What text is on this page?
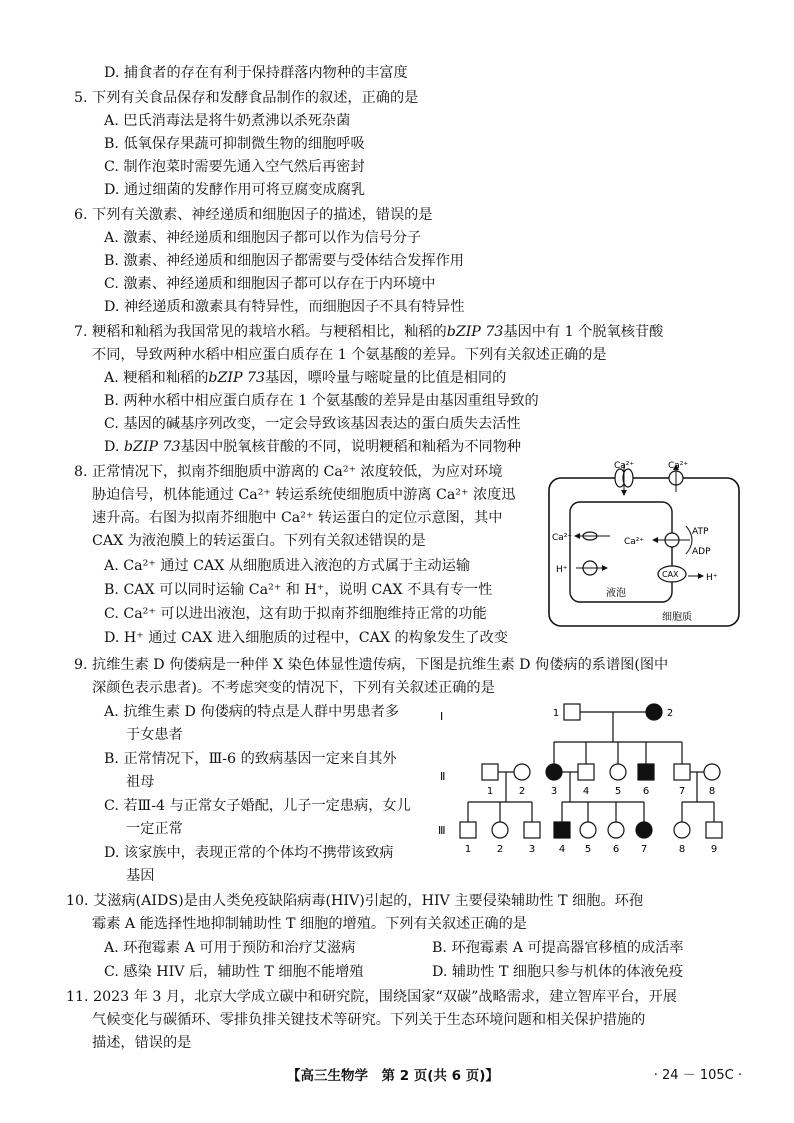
D. 捕食者的存在有利于保持群落内物种的丰富度
5. 下列有关食品保存和发酵食品制作的叙述，正确的是
A. 巴氏消毒法是将牛奶煮沸以杀死杂菌
B. 低氧保存果蔬可抑制微生物的细胞呼吸
C. 制作泡菜时需要先通入空气然后再密封
D. 通过细菌的发酵作用可将豆腐变成腐乳
6. 下列有关激素、神经递质和细胞因子的描述，错误的是
A. 激素、神经递质和细胞因子都可以作为信号分子
B. 激素、神经递质和细胞因子都需要与受体结合发挥作用
C. 激素、神经递质和细胞因子都可以存在于内环境中
D. 神经递质和激素具有特异性，而细胞因子不具有特异性
7. 粳稻和籼稻为我国常见的栽培水稻。与粳稻相比，籼稻的bZIP 73基因中有 1 个脱氧核苷酸
不同，导致两种水稻中相应蛋白质存在 1 个氨基酸的差异。下列有关叙述正确的是
A. 粳稻和籼稻的bZIP 73基因，嘌呤量与嘧啶量的比值是相同的
B. 两种水稻中相应蛋白质存在 1 个氨基酸的差异是由基因重组导致的
C. 基因的碱基序列改变，一定会导致该基因表达的蛋白质失去活性
D. bZIP 73基因中脱氧核苷酸的不同，说明粳稻和籼稻为不同物种
8. 正常情况下，拟南芥细胞质中游离的 Ca²⁺ 浓度较低，为应对环境
胁迫信号，机体能通过 Ca²⁺ 转运系统使细胞质中游离 Ca²⁺ 浓度迅
速升高。右图为拟南芥细胞中 Ca²⁺ 转运蛋白的定位示意图，其中
CAX 为液泡膜上的转运蛋白。下列有关叙述错误的是
A. Ca²⁺ 通过 CAX 从细胞质进入液泡的方式属于主动运输
B. CAX 可以同时运输 Ca²⁺ 和 H⁺，说明 CAX 不具有专一性
C. Ca²⁺ 可以进出液泡，这有助于拟南芥细胞维持正常的功能
D. H⁺ 通过 CAX 进入细胞质的过程中，CAX 的构象发生了改变
9. 抗维生素 D 佝偻病是一种伴 X 染色体显性遗传病，下图是抗维生素 D 佝偻病的系谱图(图中
深颜色表示患者)。不考虑突变的情况下，下列有关叙述正确的是
A. 抗维生素 D 佝偻病的特点是人群中男患者多
于女患者
B. 正常情况下，Ⅲ-6 的致病基因一定来自其外
祖母
C. 若Ⅲ-4 与正常女子婚配，儿子一定患病，女儿
一定正常
D. 该家族中，表现正常的个体均不携带该致病
基因
10. 艾滋病(AIDS)是由人类免疫缺陷病毒(HIV)引起的，HIV 主要侵染辅助性 T 细胞。环孢
霉素 A 能选择性地抑制辅助性 T 细胞的增殖。下列有关叙述正确的是
A. 环孢霉素 A 可用于预防和治疗艾滋病	B. 环孢霉素 A 可提高器官移植的成活率
C. 感染 HIV 后，辅助性 T 细胞不能增殖	D. 辅助性 T 细胞只参与机体的体液免疫
11. 2023 年 3 月，北京大学成立碳中和研究院，围绕国家“双碳”战略需求，建立智库平台，开展
气候变化与碳循环、零排负排关键技术等研究。下列关于生态环境问题和相关保护措施的
描述，错误的是
Ca²⁺	Ca²⁺
Ca²⁺
H⁺
Ca²⁺
ATP
ADP
CAX	H⁺
液泡
细胞质
Ⅰ
Ⅱ
Ⅲ
1	2
1	2	3	4	5 6	7 8
1	2	3 4 5 6 7	8	9
【高三生物学　第 2 页(共 6 页)】	· 24 － 105C ·
